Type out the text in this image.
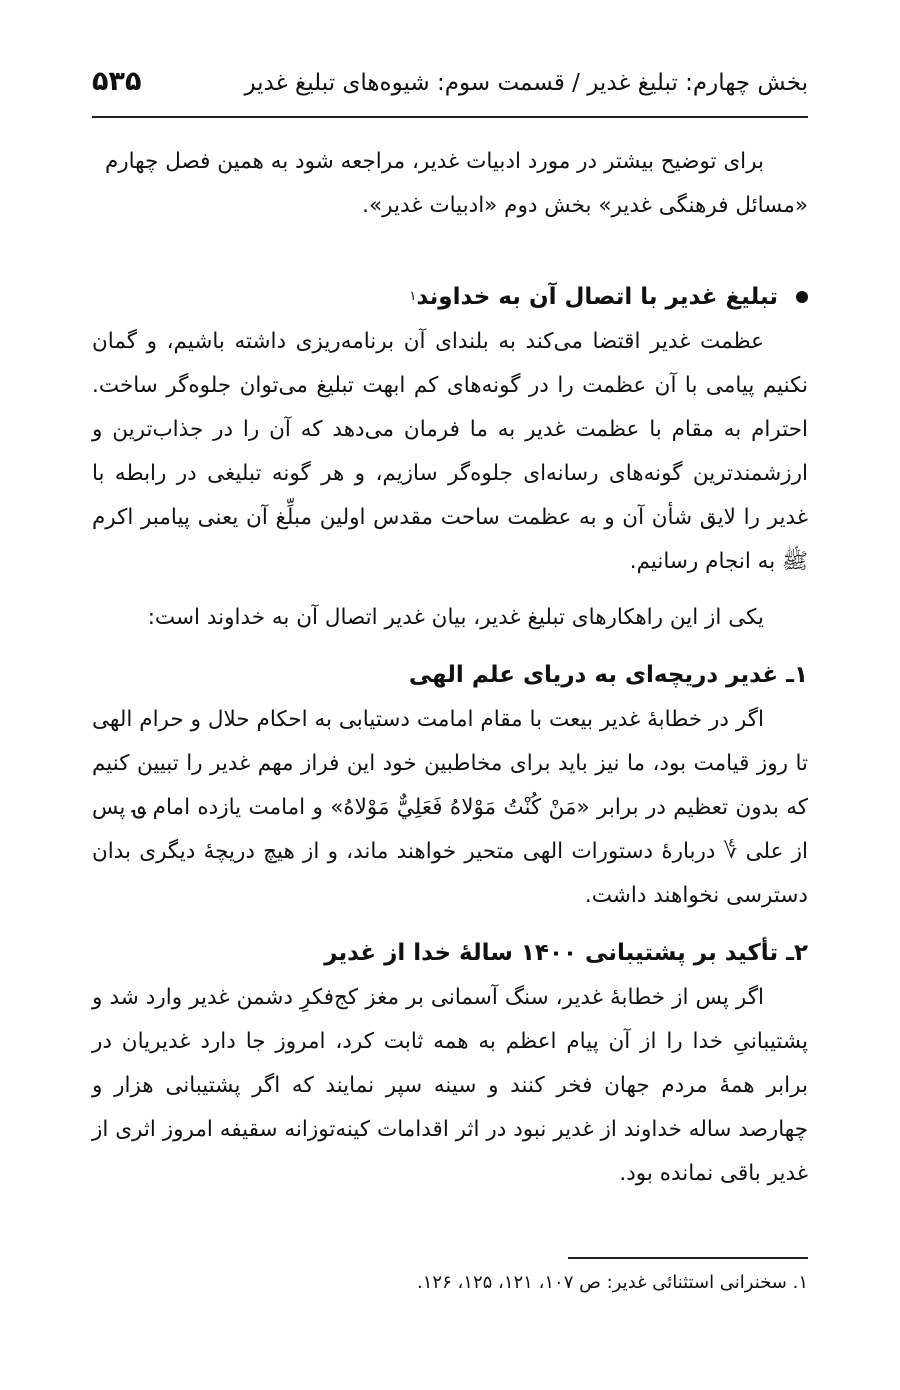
بخش چهارم: تبلیغ غدیر / قسمت سوم: شیوه‌های تبلیغ غدیر
۵۳۵

برای توضیح بیشتر در مورد ادبیات غدیر، مراجعه شود به همین فصل چهارم

«مسائل فرهنگی غدیر» بخش دوم «ادبیات غدیر».

تبلیغ غدیر با اتصال آن به خداوند
۱

عظمت غدیر اقتضا می‌کند به بلندای آن برنامه‌ریزی داشته باشیم، و گمان نکنیم پیامی با آن عظمت را در گونه‌های کم ابهت تبلیغ می‌توان جلوه‌گر ساخت. احترام به مقام با عظمت غدیر به ما فرمان می‌دهد که آن را در جذاب‌ترین و ارزشمندترین گونه‌های رسانه‌ای جلوه‌گر سازیم، و هر گونه تبلیغی در رابطه با غدیر را لایق شأن آن و به عظمت ساحت مقدس اولین مبلِّغ آن یعنی پیامبر اکرم ﷺ به انجام رسانیم.

یکی از این راهکارهای تبلیغ غدیر، بیان غدیر اتصال آن به خداوند است:

۱ـ غدیر دریچه‌ای به دریای علم الهی

اگر در خطابهٔ غدیر بیعت با مقام امامت دستیابی به احکام حلال و حرام الهی تا روز قیامت بود، ما نیز باید برای مخاطبین خود این فراز مهم غدیر را تبیین کنیم که بدون تعظیم در برابر «مَنْ كُنْتُ مَوْلاهُ فَعَلِيٌّ مَوْلاهُ» و امامت یازده امام ؈ پس از علی ؇ دربارهٔ دستورات الهی متحیر خواهند ماند، و از هیچ دریچهٔ دیگری بدان دسترسی نخواهند داشت.

۲ـ تأکید بر پشتیبانی ۱۴۰۰ سالهٔ خدا از غدیر

اگر پس از خطابهٔ غدیر، سنگ آسمانی بر مغز کج‌فکرِ دشمن غدیر وارد شد و پشتیبانیِ خدا را از آن پیام اعظم به همه ثابت کرد، امروز جا دارد غدیریان در برابر همهٔ مردم جهان فخر کنند و سینه سپر نمایند که اگر پشتیبانی هزار و چهارصد ساله خداوند از غدیر نبود در اثر اقدامات کینه‌توزانه سقیفه امروز اثری از غدیر باقی نمانده بود.

۱. سخنرانی استثنائی غدیر: ص ۱۰۷، ۱۲۱، ۱۲۵، ۱۲۶.
